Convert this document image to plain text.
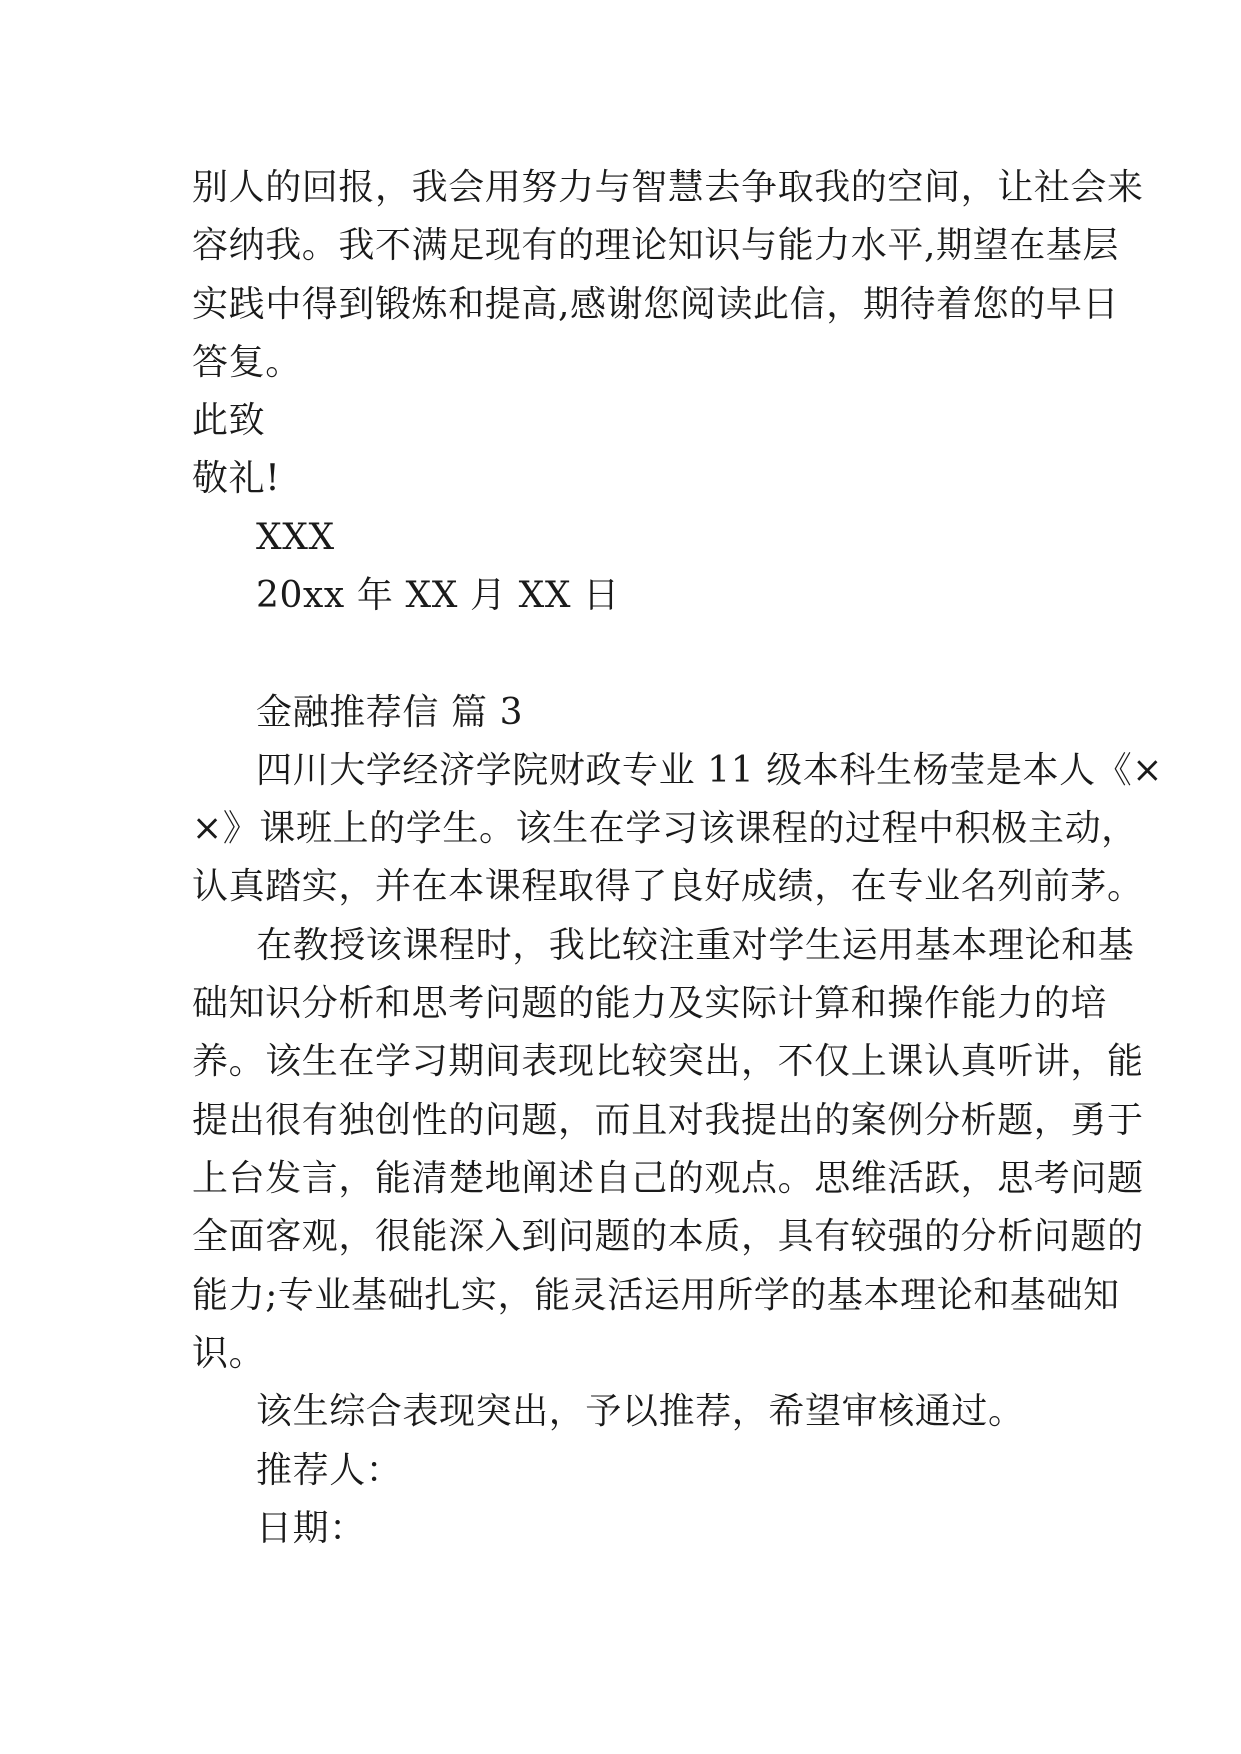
别人的回报，我会用努力与智慧去争取我的空间，让社会来
容纳我。我不满足现有的理论知识与能力水平,期望在基层
实践中得到锻炼和提高,感谢您阅读此信，期待着您的早日
答复。
此致
敬礼!
XXX
20xx 年 XX 月 XX 日
金融推荐信 篇 3
四川大学经济学院财政专业 11 级本科生杨莹是本人《×
×》课班上的学生。该生在学习该课程的过程中积极主动，
认真踏实，并在本课程取得了良好成绩，在专业名列前茅。
在教授该课程时，我比较注重对学生运用基本理论和基
础知识分析和思考问题的能力及实际计算和操作能力的培
养。该生在学习期间表现比较突出，不仅上课认真听讲，能
提出很有独创性的问题，而且对我提出的案例分析题，勇于
上台发言，能清楚地阐述自己的观点。思维活跃，思考问题
全面客观，很能深入到问题的本质，具有较强的分析问题的
能力;专业基础扎实，能灵活运用所学的基本理论和基础知
识。
该生综合表现突出，予以推荐，希望审核通过。
推荐人：
日期：
